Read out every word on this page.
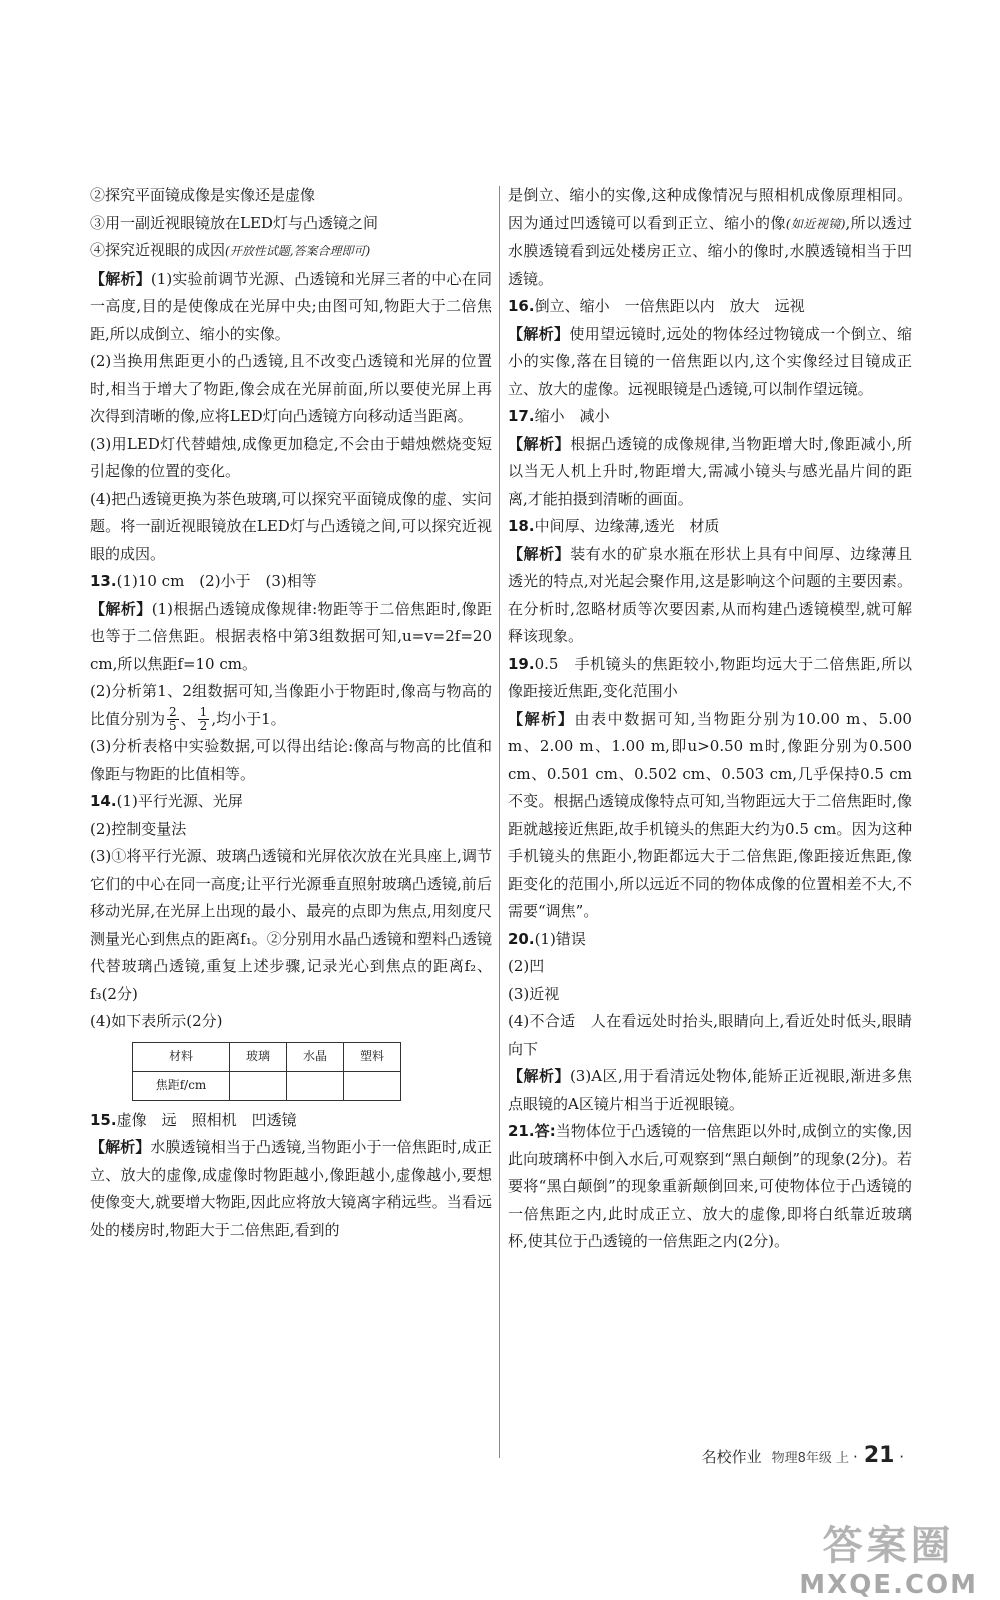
②探究平面镜成像是实像还是虚像

③用一副近视眼镜放在LED灯与凸透镜之间

④探究近视眼的成因(开放性试题,答案合理即可)

【解析】(1)实验前调节光源、凸透镜和光屏三者的中心在同一高度,目的是使像成在光屏中央;由图可知,物距大于二倍焦距,所以成倒立、缩小的实像。

(2)当换用焦距更小的凸透镜,且不改变凸透镜和光屏的位置时,相当于增大了物距,像会成在光屏前面,所以要使光屏上再次得到清晰的像,应将LED灯向凸透镜方向移动适当距离。

(3)用LED灯代替蜡烛,成像更加稳定,不会由于蜡烛燃烧变短引起像的位置的变化。

(4)把凸透镜更换为茶色玻璃,可以探究平面镜成像的虚、实问题。将一副近视眼镜放在LED灯与凸透镜之间,可以探究近视眼的成因。

13.(1)10 cm　(2)小于　(3)相等

【解析】(1)根据凸透镜成像规律:物距等于二倍焦距时,像距也等于二倍焦距。根据表格中第3组数据可知,u=v=2f=20 cm,所以焦距f=10 cm。

(2)分析第1、2组数据可知,当像距小于物距时,像高与物高的比值分别为 $\frac{2}{5}$ 、 $\frac{1}{2}$ ,均小于1。

(3)分析表格中实验数据,可以得出结论:像高与物高的比值和像距与物距的比值相等。

14.(1)平行光源、光屏

(2)控制变量法

(3)①将平行光源、玻璃凸透镜和光屏依次放在光具座上,调节它们的中心在同一高度;让平行光源垂直照射玻璃凸透镜,前后移动光屏,在光屏上出现的最小、最亮的点即为焦点,用刻度尺测量光心到焦点的距离f₁。②分别用水晶凸透镜和塑料凸透镜代替玻璃凸透镜,重复上述步骤,记录光心到焦点的距离f₂、f₃(2分)

(4)如下表所示(2分)

材料	玻璃	水晶	塑料
焦距f/cm			

15.虚像　远　照相机　凹透镜

【解析】水膜透镜相当于凸透镜,当物距小于一倍焦距时,成正立、放大的虚像,成虚像时物距越小,像距越小,虚像越小,要想使像变大,就要增大物距,因此应将放大镜离字稍远些。当看远处的楼房时,物距大于二倍焦距,看到的

是倒立、缩小的实像,这种成像情况与照相机成像原理相同。因为通过凹透镜可以看到正立、缩小的像(如近视镜),所以透过水膜透镜看到远处楼房正立、缩小的像时,水膜透镜相当于凹透镜。

16.倒立、缩小　一倍焦距以内　放大　远视

【解析】使用望远镜时,远处的物体经过物镜成一个倒立、缩小的实像,落在目镜的一倍焦距以内,这个实像经过目镜成正立、放大的虚像。远视眼镜是凸透镜,可以制作望远镜。

17.缩小　减小

【解析】根据凸透镜的成像规律,当物距增大时,像距减小,所以当无人机上升时,物距增大,需减小镜头与感光晶片间的距离,才能拍摄到清晰的画面。

18.中间厚、边缘薄,透光　材质

【解析】装有水的矿泉水瓶在形状上具有中间厚、边缘薄且透光的特点,对光起会聚作用,这是影响这个问题的主要因素。在分析时,忽略材质等次要因素,从而构建凸透镜模型,就可解释该现象。

19.0.5　手机镜头的焦距较小,物距均远大于二倍焦距,所以像距接近焦距,变化范围小

【解析】由表中数据可知,当物距分别为10.00 m、5.00 m、2.00 m、1.00 m,即u>0.50 m时,像距分别为0.500 cm、0.501 cm、0.502 cm、0.503 cm,几乎保持0.5 cm不变。根据凸透镜成像特点可知,当物距远大于二倍焦距时,像距就越接近焦距,故手机镜头的焦距大约为0.5 cm。因为这种手机镜头的焦距小,物距都远大于二倍焦距,像距接近焦距,像距变化的范围小,所以远近不同的物体成像的位置相差不大,不需要“调焦”。

20.(1)错误

(2)凹

(3)近视

(4)不合适　人在看远处时抬头,眼睛向上,看近处时低头,眼睛向下

【解析】(3)A区,用于看清远处物体,能矫正近视眼,渐进多焦点眼镜的A区镜片相当于近视眼镜。

21.答:当物体位于凸透镜的一倍焦距以外时,成倒立的实像,因此向玻璃杯中倒入水后,可观察到“黑白颠倒”的现象(2分)。若要将“黑白颠倒”的现象重新颠倒回来,可使物体位于凸透镜的一倍焦距之内,此时成正立、放大的虚像,即将白纸靠近玻璃杯,使其位于凸透镜的一倍焦距之内(2分)。

名校作业 物理8年级 上 · 21 ·
答案圈
MXQE.COM
